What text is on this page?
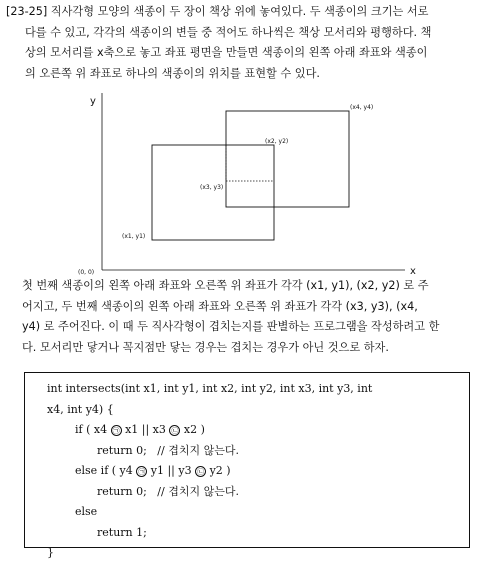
[23-25] 직사각형 모양의 색종이 두 장이 책상 위에 놓여있다. 두 색종이의 크기는 서로
다를 수 있고, 각각의 색종이의 변들 중 적어도 하나씩은 책상 모서리와 평행하다. 책
상의 모서리를 x축으로 놓고 좌표 평면을 만들면 색종이의 왼쪽 아래 좌표와 색종이
의 오른쪽 위 좌표로 하나의 색종이의 위치를 표현할 수 있다.
y
x
(0, 0)
(x1, y1)
(x2, y2)
(x3, y3)
(x4, y4)
첫 번째 색종이의 왼쪽 아래 좌표와 오른쪽 위 좌표가 각각 (x1, y1), (x2, y2) 로 주
어지고, 두 번째 색종이의 왼쪽 아래 좌표와 오른쪽 위 좌표가 각각 (x3, y3), (x4,
y4) 로 주어진다. 이 때 두 직사각형이 겹치는지를 판별하는 프로그램을 작성하려고 한
다. 모서리만 닿거나 꼭지점만 닿는 경우는 겹치는 경우가 아닌 것으로 하자.
int intersects(int x1, int y1, int x2, int y2, int x3, int y3, int
x4, int y4) {
if ( x4 ㉠ x1 || x3 ㉡ x2 )
return 0;   // 겹치지 않는다.
else if ( y4 ㉠ y1 || y3 ㉡ y2 )
return 0;   // 겹치지 않는다.
else
return 1;
}
